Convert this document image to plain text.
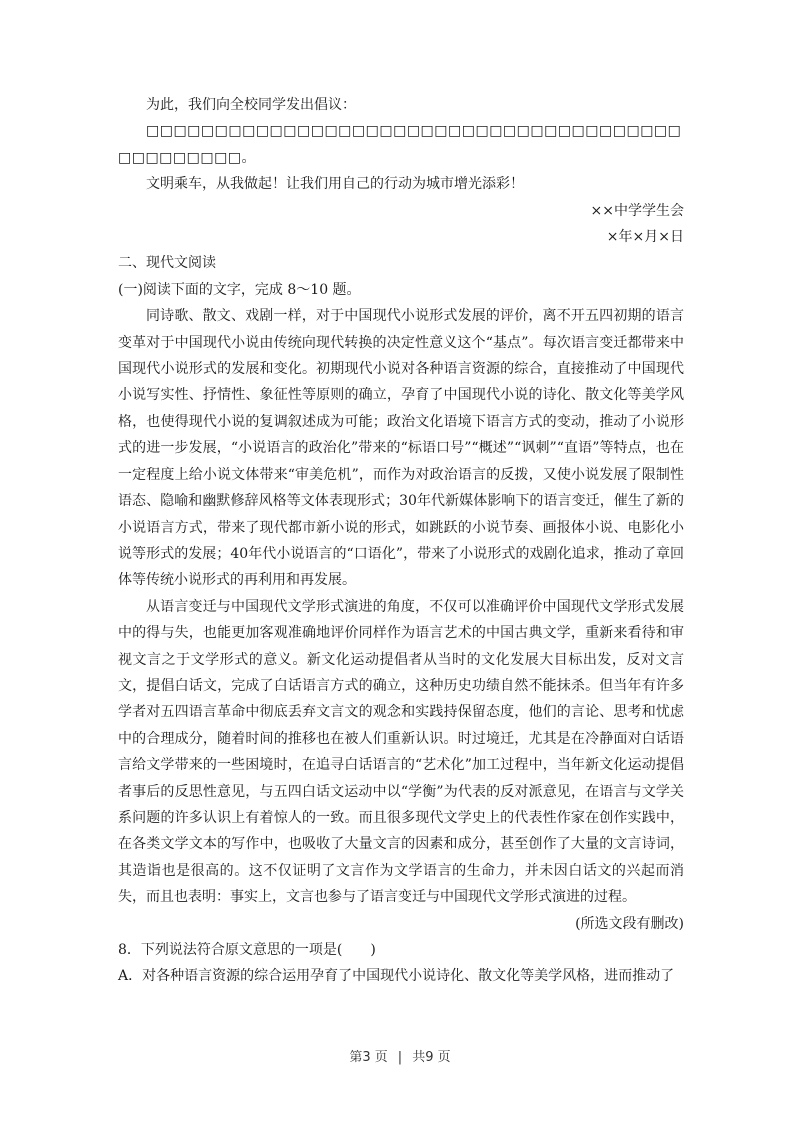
为此，我们向全校同学发出倡议：

□□□□□□□□□□□□□□□□□□□□□□□□□□□□□□□□□□□□□□□□□□□□□□□□。

文明乘车，从我做起！让我们用自己的行动为城市增光添彩！

××中学学生会

×年×月×日

二、现代文阅读

(一)阅读下面的文字，完成 8～10 题。

同诗歌、散文、戏剧一样，对于中国现代小说形式发展的评价，离不开五四初期的语言变革对于中国现代小说由传统向现代转换的决定性意义这个“基点”。每次语言变迁都带来中国现代小说形式的发展和变化。初期现代小说对各种语言资源的综合，直接推动了中国现代小说写实性、抒情性、象征性等原则的确立，孕育了中国现代小说的诗化、散文化等美学风格，也使得现代小说的复调叙述成为可能；政治文化语境下语言方式的变动，推动了小说形式的进一步发展，“小说语言的政治化”带来的“标语口号”“概述”“讽刺”“直语”等特点，也在一定程度上给小说文体带来“审美危机”，而作为对政治语言的反拨，又使小说发展了限制性语态、隐喻和幽默修辞风格等文体表现形式；30年代新媒体影响下的语言变迁，催生了新的小说语言方式，带来了现代都市新小说的形式，如跳跃的小说节奏、画报体小说、电影化小说等形式的发展；40年代小说语言的“口语化”，带来了小说形式的戏剧化追求，推动了章回体等传统小说形式的再利用和再发展。

从语言变迁与中国现代文学形式演进的角度，不仅可以准确评价中国现代文学形式发展中的得与失，也能更加客观准确地评价同样作为语言艺术的中国古典文学，重新来看待和审视文言之于文学形式的意义。新文化运动提倡者从当时的文化发展大目标出发，反对文言文，提倡白话文，完成了白话语言方式的确立，这种历史功绩自然不能抹杀。但当年有许多学者对五四语言革命中彻底丢弃文言文的观念和实践持保留态度，他们的言论、思考和忧虑中的合理成分，随着时间的推移也在被人们重新认识。时过境迁，尤其是在冷静面对白话语言给文学带来的一些困境时，在追寻白话语言的“艺术化”加工过程中，当年新文化运动提倡者事后的反思性意见，与五四白话文运动中以“学衡”为代表的反对派意见，在语言与文学关系问题的许多认识上有着惊人的一致。而且很多现代文学史上的代表性作家在创作实践中，在各类文学文本的写作中，也吸收了大量文言的因素和成分，甚至创作了大量的文言诗词，其造诣也是很高的。这不仅证明了文言作为文学语言的生命力，并未因白话文的兴起而消失，而且也表明：事实上，文言也参与了语言变迁与中国现代文学形式演进的过程。

(所选文段有删改)

8．下列说法符合原文意思的一项是(　　)

A．对各种语言资源的综合运用孕育了中国现代小说诗化、散文化等美学风格，进而推动了

第3 页 | 共9 页
